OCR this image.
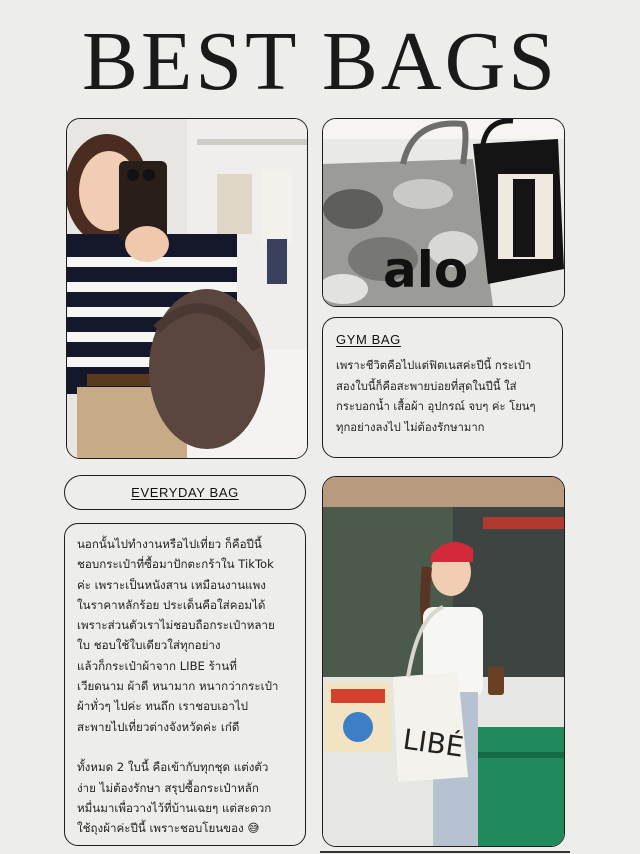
BEST BAGS
alo
GYM BAG
เพราะชีวิตคือไปแต่ฟิตเนสค่ะปีนี้ กระเป๋า
สองใบนี้ก็คือสะพายบ่อยที่สุดในปีนี้ ใส่
กระบอกน้ำ เสื้อผ้า อุปกรณ์ จบๆ ค่ะ โยนๆ
ทุกอย่างลงไป ไม่ต้องรักษามาก
EVERYDAY BAG
นอกนั้นไปทำงานหรือไปเที่ยว ก็คือปีนี้
ชอบกระเป๋าที่ซื้อมาปักตะกร้าใน TikTok
ค่ะ เพราะเป็นหนังสาน เหมือนงานแพง
ในราคาหลักร้อย ประเด็นคือใส่คอมได้
เพราะส่วนตัวเราไม่ชอบถือกระเป๋าหลาย
ใบ ชอบใช้ใบเดียวใส่ทุกอย่าง
แล้วก็กระเป๋าผ้าจาก LIBE ร้านที่
เวียดนาม ผ้าดี หนามาก หนากว่ากระเป๋า
ผ้าทั่วๆ ไปค่ะ ทนถึก เราชอบเอาไป
สะพายไปเที่ยวต่างจังหวัดค่ะ เก๋ดี

ทั้งหมด 2 ใบนี้ คือเข้ากับทุกชุด แต่งตัว
ง่าย ไม่ต้องรักษา สรุปซื้อกระเป๋าหลัก
หมื่นมาเพื่อวางไว้ที่บ้านเฉยๆ แต่สะดวก
ใช้ถุงผ้าค่ะปีนี้ เพราะชอบโยนของ 😅
LIBÉ
